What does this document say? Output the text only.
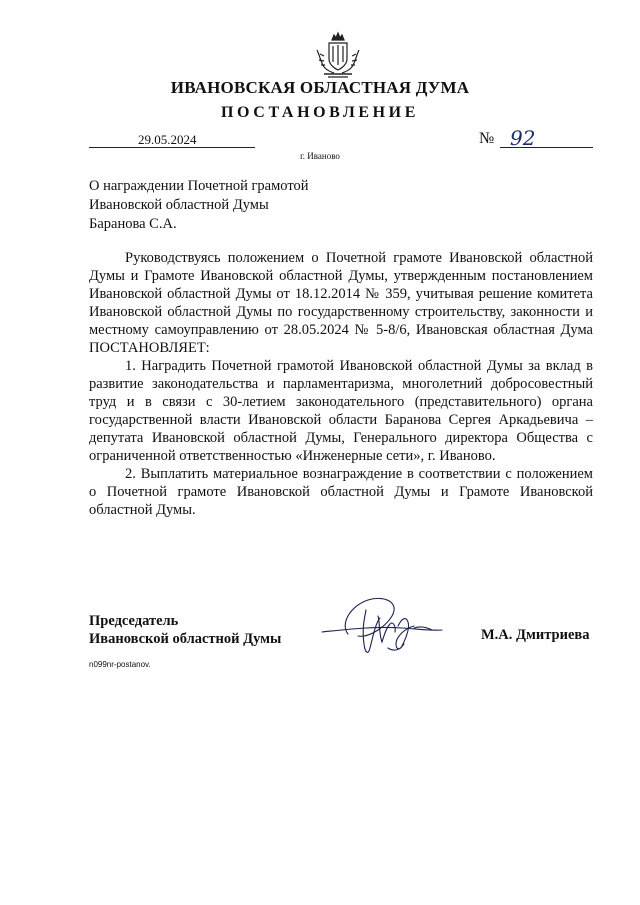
ИВАНОВСКАЯ ОБЛАСТНАЯ ДУМА
ПОСТАНОВЛЕНИЕ
29.05.2024	№ 92
г. Иваново
О награждении Почетной грамотой
Ивановской областной Думы
Баранова С.А.

Руководствуясь положением о Почетной грамоте Ивановской областной Думы и Грамоте Ивановской областной Думы, утвержденным постановлением Ивановской областной Думы от 18.12.2014 № 359, учитывая решение комитета Ивановской областной Думы по государственному строительству, законности и местному самоуправлению от 28.05.2024 № 5-8/6, Ивановская областная Дума ПОСТАНОВЛЯЕТ:

1. Наградить Почетной грамотой Ивановской областной Думы за вклад в развитие законодательства и парламентаризма, многолетний добросовестный труд и в связи с 30-летием законодательного (представительного) органа государственной власти Ивановской области Баранова Сергея Аркадьевича – депутата Ивановской областной Думы, Генерального директора Общества с ограниченной ответственностью «Инженерные сети», г. Иваново.

2. Выплатить материальное вознаграждение в соответствии с положением о Почетной грамоте Ивановской областной Думы и Грамоте Ивановской областной Думы.

Председатель
Ивановской областной Думы	М.А. Дмитриева
n099nr-postanov.
